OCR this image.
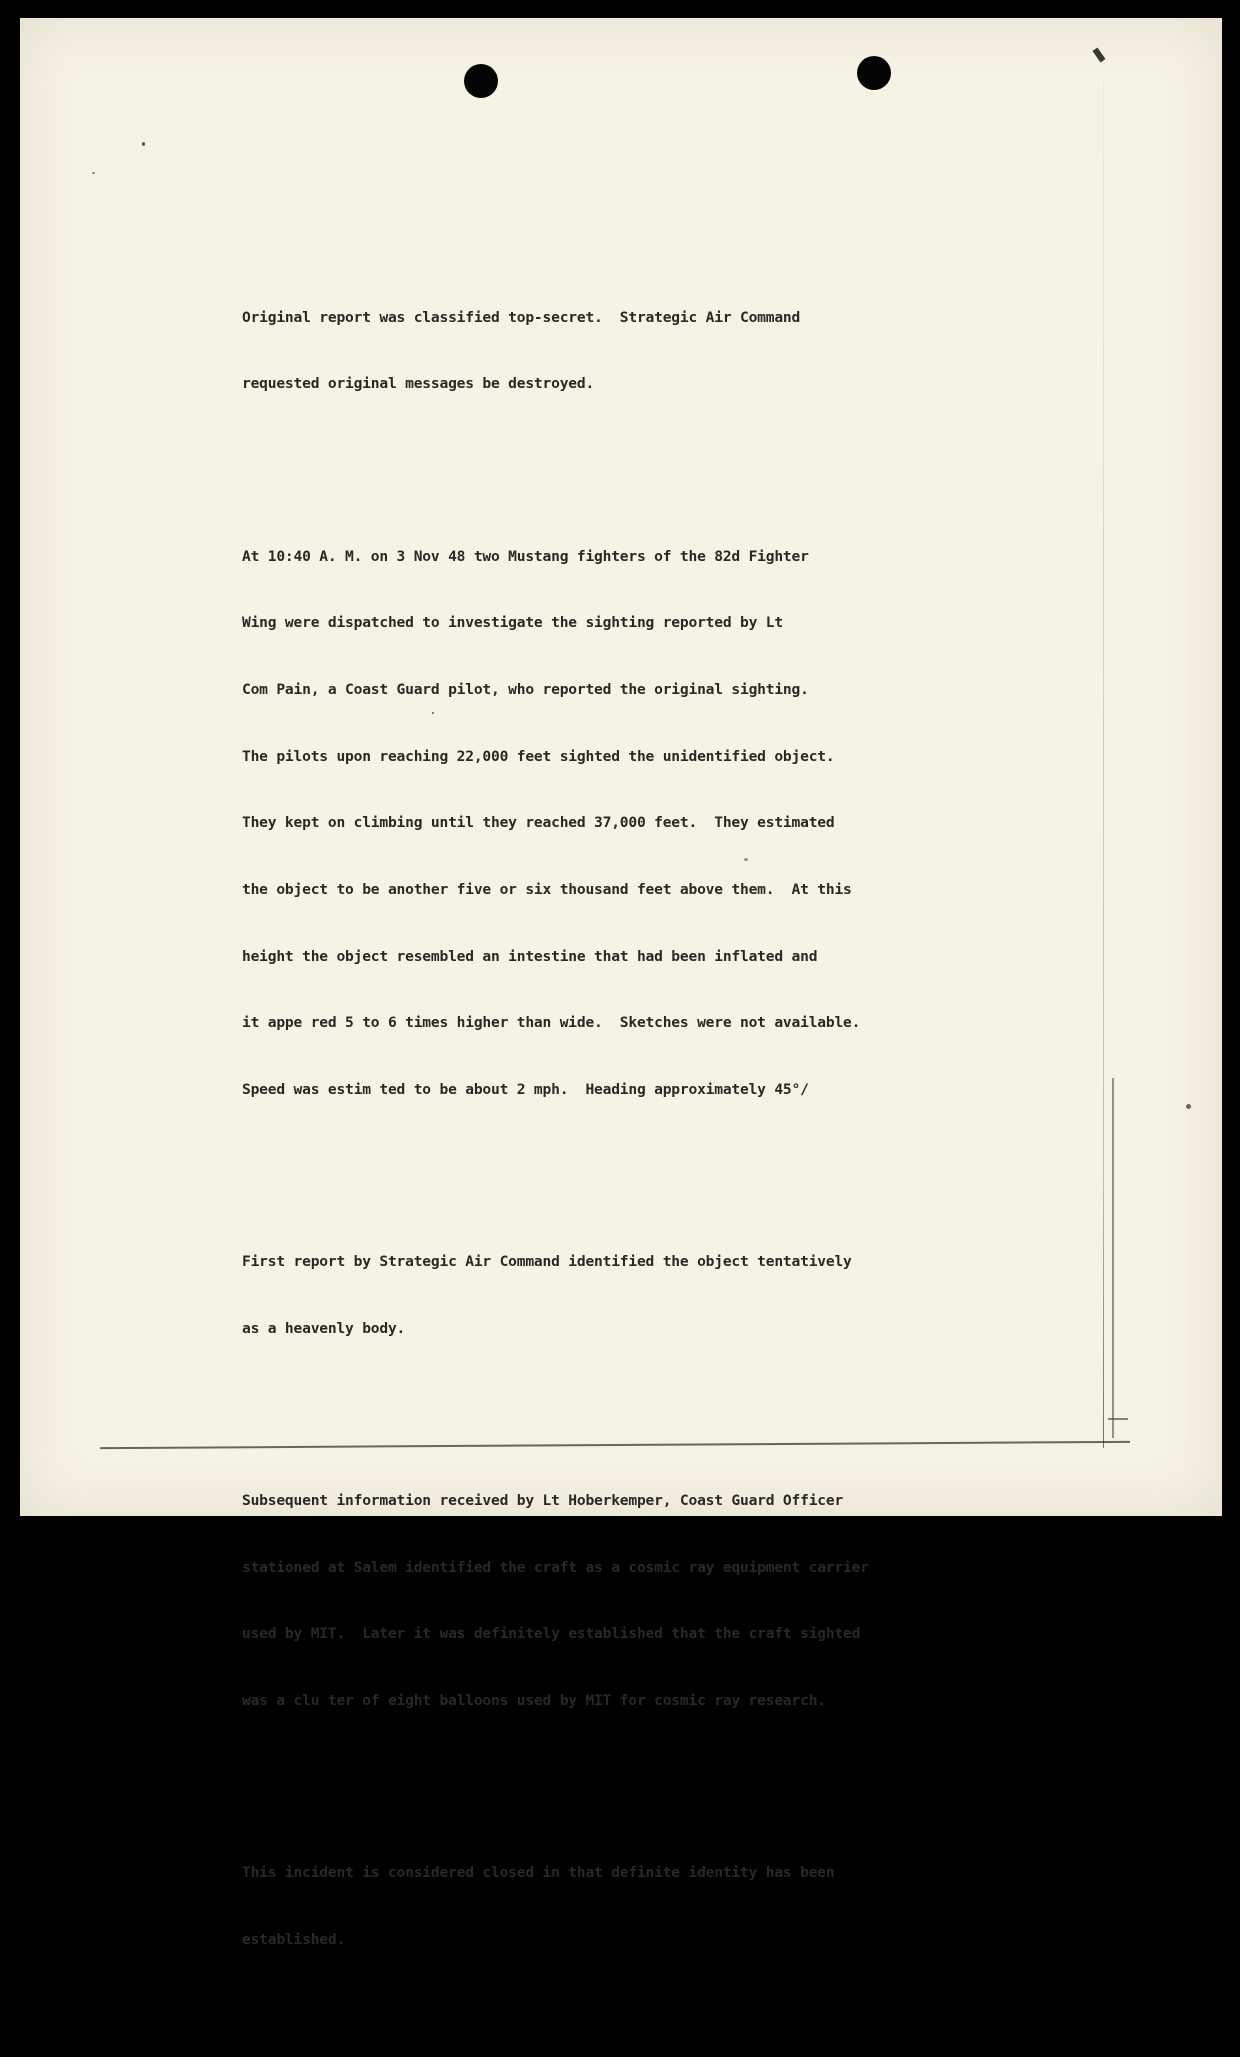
Original report was classified top-secret.  Strategic Air Command

requested original messages be destroyed.

At 10:40 A. M. on 3 Nov 48 two Mustang fighters of the 82d Fighter

Wing were dispatched to investigate the sighting reported by Lt

Com Pain, a Coast Guard pilot, who reported the original sighting.

The pilots upon reaching 22,000 feet sighted the unidentified object.

They kept on climbing until they reached 37,000 feet.  They estimated

the object to be another five or six thousand feet above them.  At this

height the object resembled an intestine that had been inflated and

it appe red 5 to 6 times higher than wide.  Sketches were not available.

Speed was estim ted to be about 2 mph.  Heading approximately 45°/

First report by Strategic Air Command identified the object tentatively

as a heavenly body.

Subsequent information received by Lt Hoberkemper, Coast Guard Officer

stationed at Salem identified the craft as a cosmic ray equipment carrier

used by MIT.  Later it was definitely established that the craft sighted

was a clu ter of eight balloons used by MIT for cosmic ray research.

This incident is considered closed in that definite identity has been

established.
